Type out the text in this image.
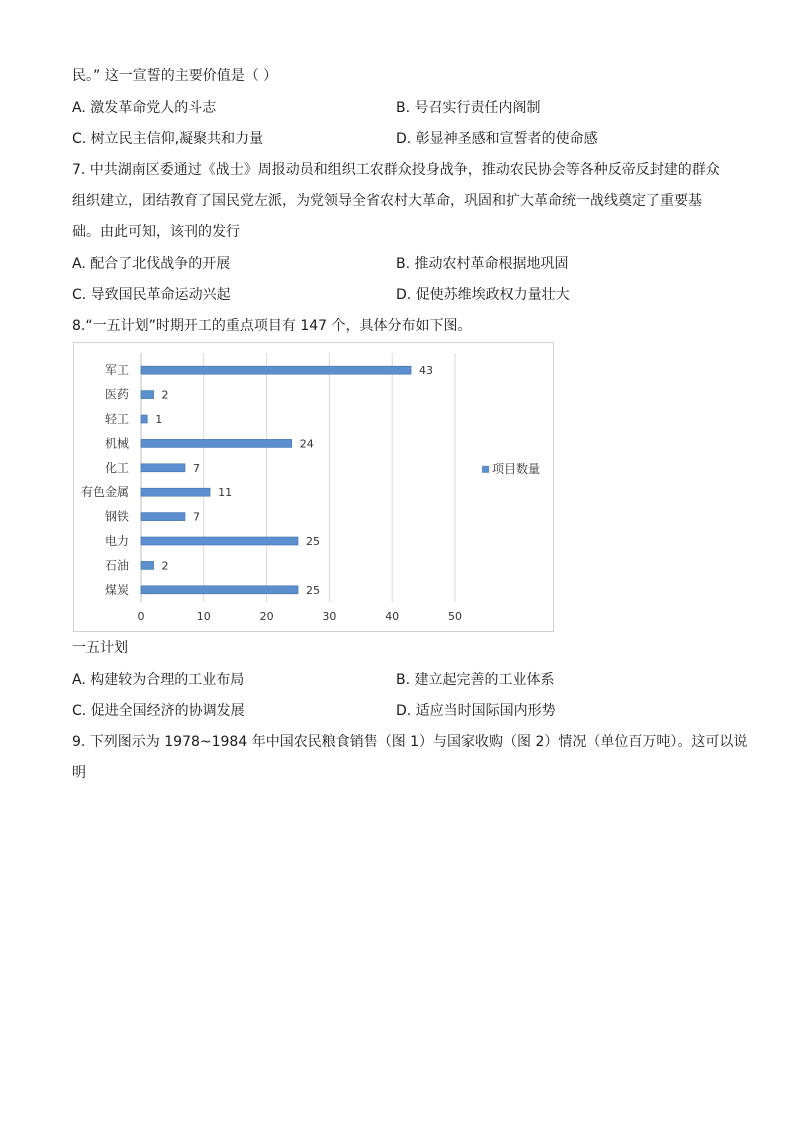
民。” 这一宣誓的主要价值是（ ）
A. 激发革命党人的斗志	B. 号召实行责任内阁制
C. 树立民主信仰,凝聚共和力量	D. 彰显神圣感和宣誓者的使命感
7. 中共湖南区委通过《战士》周报动员和组织工农群众投身战争，推动农民协会等各种反帝反封建的群众
组织建立，团结教育了国民党左派，为党领导全省农村大革命，巩固和扩大革命统一战线奠定了重要基
础。由此可知，该刊的发行
A. 配合了北伐战争的开展	B. 推动农村革命根据地巩固
C. 导致国民革命运动兴起	D. 促使苏维埃政权力量壮大
8.“一五计划”时期开工的重点项目有 147 个，具体分布如下图。
0	10	20	30	40	50
军工	43
医药	2
轻工 1
机械	24
化工	7
有色金属	11
钢铁	7
电力	25
石油	2
煤炭	25
项目数量
一五计划
A. 构建较为合理的工业布局	B. 建立起完善的工业体系
C. 促进全国经济的协调发展	D. 适应当时国际国内形势
9. 下列图示为 1978~1984 年中国农民粮食销售（图 1）与国家收购（图 2）情况（单位百万吨）。这可以说
明
